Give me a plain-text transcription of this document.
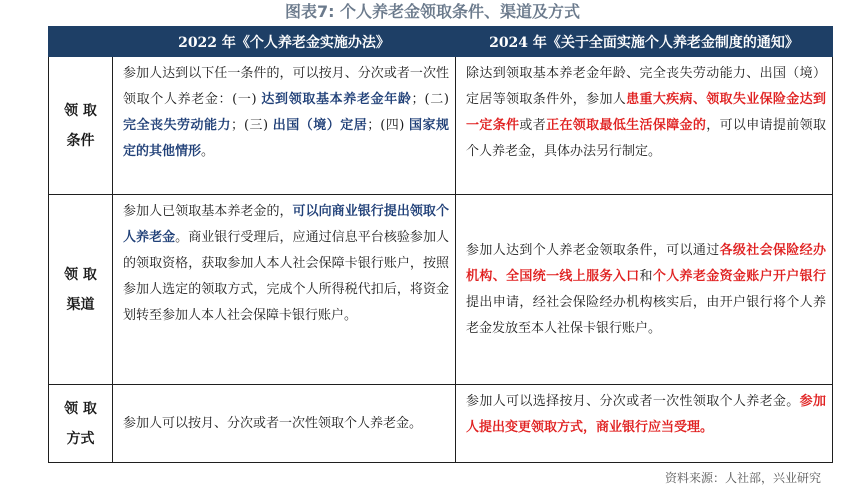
图表7: 个人养老金领取条件、渠道及方式
	2022 年《个人养老金实施办法》	2024 年《关于全面实施个人养老金制度的通知》

领 取
条件	参加人达到以下任一条件的，可以按月、分次或者一次性领取个人养老金：(一) 达到领取基本养老金年龄；(二) 完全丧失劳动能力；(三) 出国（境）定居；(四) 国家规定的其他情形。	除达到领取基本养老金年龄、完全丧失劳动能力、出国（境）定居等领取条件外，参加人患重大疾病、领取失业保险金达到一定条件或者正在领取最低生活保障金的，可以申请提前领取个人养老金，具体办法另行制定。

领 取
渠道	参加人已领取基本养老金的，可以向商业银行提出领取个人养老金。商业银行受理后，应通过信息平台核验参加人的领取资格，获取参加人本人社会保障卡银行账户，按照参加人选定的领取方式，完成个人所得税代扣后，将资金划转至参加人本人社会保障卡银行账户。	参加人达到个人养老金领取条件，可以通过各级社会保险经办机构、全国统一线上服务入口和个人养老金资金账户开户银行提出申请，经社会保险经办机构核实后，由开户银行将个人养老金发放至本人社保卡银行账户。

领 取
方式	参加人可以按月、分次或者一次性领取个人养老金。	参加人可以选择按月、分次或者一次性领取个人养老金。参加人提出变更领取方式，商业银行应当受理。
资料来源：人社部，兴业研究
